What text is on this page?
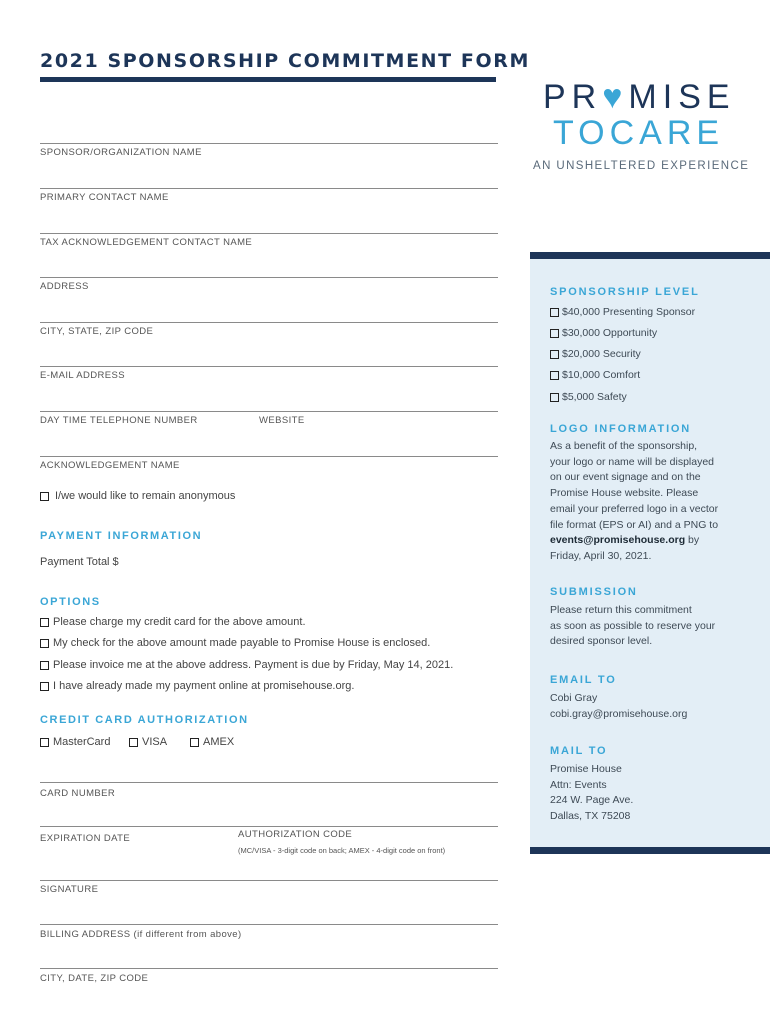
2021 SPONSORSHIP COMMITMENT FORM
SPONSOR/ORGANIZATION NAME
PRIMARY CONTACT NAME
TAX ACKNOWLEDGEMENT CONTACT NAME
ADDRESS
CITY, STATE, ZIP CODE
E-MAIL ADDRESS
DAY TIME TELEPHONE NUMBER	WEBSITE
ACKNOWLEDGEMENT NAME
I/we would like to remain anonymous
PAYMENT INFORMATION
Payment Total $
OPTIONS
Please charge my credit card for the above amount.
My check for the above amount made payable to Promise House is enclosed.
Please invoice me at the above address. Payment is due by Friday, May 14, 2021.
I have already made my payment online at promisehouse.org.
CREDIT CARD AUTHORIZATION
MasterCard	VISA	AMEX
CARD NUMBER
EXPIRATION DATE	AUTHORIZATION CODE
(MC/VISA - 3-digit code on back; AMEX - 4-digit code on front)
SIGNATURE
BILLING ADDRESS (if different from above)
CITY, DATE, ZIP CODE
PR♥MISE
TOCARE
AN UNSHELTERED EXPERIENCE
SPONSORSHIP LEVEL
$40,000 Presenting Sponsor
$30,000 Opportunity
$20,000 Security
$10,000 Comfort
$5,000 Safety
LOGO INFORMATION
As a benefit of the sponsorship,
your logo or name will be displayed
on our event signage and on the
Promise House website. Please
email your preferred logo in a vector
file format (EPS or AI) and a PNG to
events@promisehouse.org by
Friday, April 30, 2021.
SUBMISSION
Please return this commitment
as soon as possible to reserve your
desired sponsor level.
EMAIL TO
Cobi Gray
cobi.gray@promisehouse.org
MAIL TO
Promise House
Attn: Events
224 W. Page Ave.
Dallas, TX 75208
